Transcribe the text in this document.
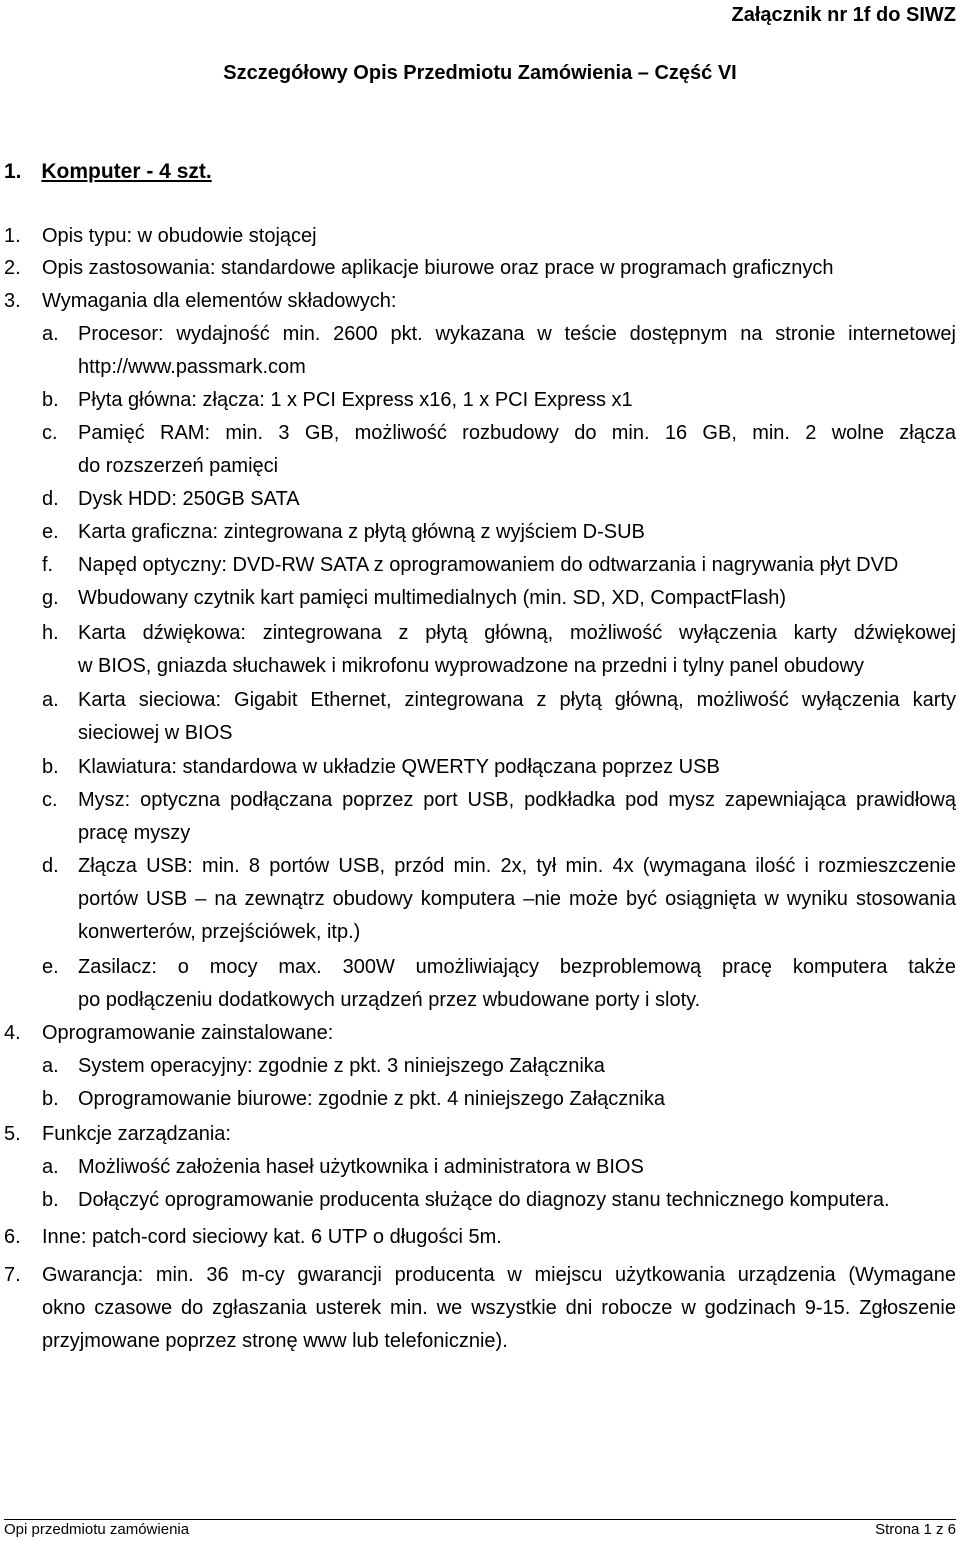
Załącznik nr 1f do SIWZ
Szczegółowy Opis Przedmiotu Zamówienia – Część VI
1. Komputer - 4 szt.
1. Opis typu: w obudowie stojącej
2. Opis zastosowania: standardowe aplikacje biurowe oraz prace w programach graficznych
3. Wymagania dla elementów składowych:
a. Procesor: wydajność min. 2600 pkt. wykazana w teście dostępnym na stronie internetowej
http://www.passmark.com
b. Płyta główna: złącza: 1 x PCI Express x16, 1 x PCI Express x1
c. Pamięć RAM: min. 3 GB, możliwość rozbudowy do min. 16 GB, min. 2 wolne złącza
do rozszerzeń pamięci
d. Dysk HDD: 250GB SATA
e. Karta graficzna: zintegrowana z płytą główną z wyjściem D-SUB
f. Napęd optyczny: DVD-RW SATA z oprogramowaniem do odtwarzania i nagrywania płyt DVD
g. Wbudowany czytnik kart pamięci multimedialnych (min. SD, XD, CompactFlash)
h. Karta dźwiękowa: zintegrowana z płytą główną, możliwość wyłączenia karty dźwiękowej
w BIOS, gniazda słuchawek i mikrofonu wyprowadzone na przedni i tylny panel obudowy
a. Karta sieciowa: Gigabit Ethernet, zintegrowana z płytą główną, możliwość wyłączenia karty
sieciowej w BIOS
b. Klawiatura: standardowa w układzie QWERTY podłączana poprzez USB
c. Mysz: optyczna podłączana poprzez port USB, podkładka pod mysz zapewniająca prawidłową
pracę myszy
d. Złącza USB: min. 8 portów USB, przód min. 2x, tył min. 4x (wymagana ilość i rozmieszczenie
portów USB – na zewnątrz obudowy komputera –nie może być osiągnięta w wyniku stosowania
konwerterów, przejściówek, itp.)
e. Zasilacz: o mocy max. 300W umożliwiający bezproblemową pracę komputera także
po podłączeniu dodatkowych urządzeń przez wbudowane porty i sloty.
4. Oprogramowanie zainstalowane:
a. System operacyjny: zgodnie z pkt. 3 niniejszego Załącznika
b. Oprogramowanie biurowe: zgodnie z pkt. 4 niniejszego Załącznika
5. Funkcje zarządzania:
a. Możliwość założenia haseł użytkownika i administratora w BIOS
b. Dołączyć oprogramowanie producenta służące do diagnozy stanu technicznego komputera.
6. Inne: patch-cord sieciowy kat. 6 UTP o długości 5m.
7. Gwarancja: min. 36 m-cy gwarancji producenta w miejscu użytkowania urządzenia (Wymagane
okno czasowe do zgłaszania usterek min. we wszystkie dni robocze w godzinach 9-15. Zgłoszenie
przyjmowane poprzez stronę www lub telefonicznie).
Opi przedmiotu zamówienia	Strona 1 z 6
